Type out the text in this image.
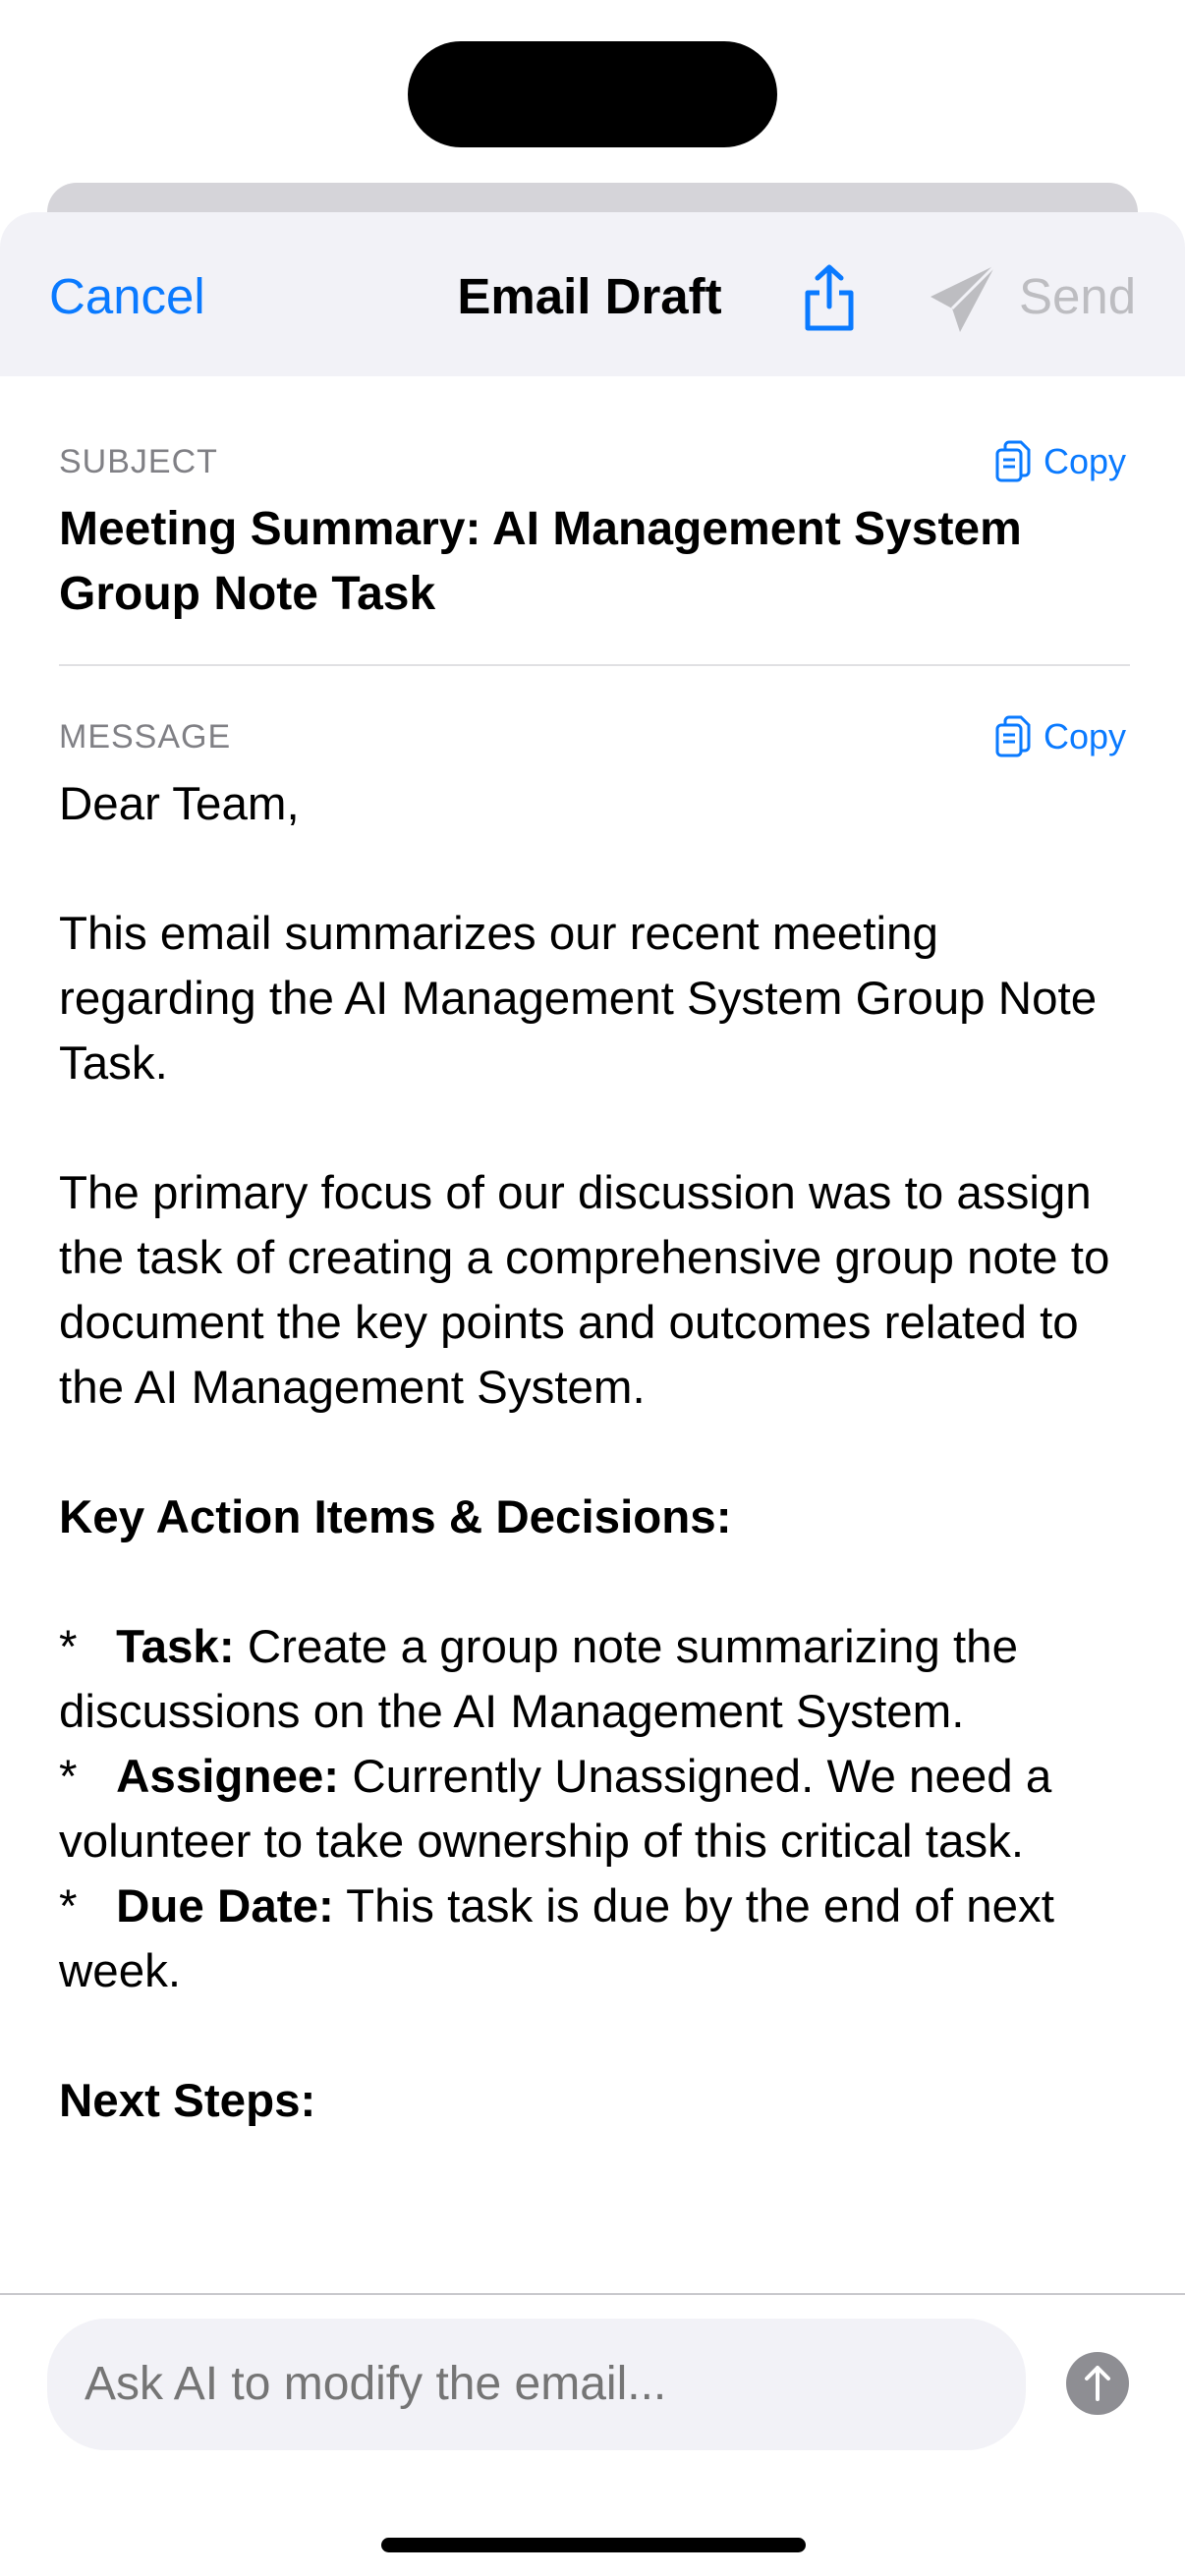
Email Draft
Cancel	Send
SUBJECT	Copy
Meeting Summary: AI Management System Group Note Task
MESSAGE	Copy

Dear Team,

This email summarizes our recent meeting regarding the AI Management System Group Note Task.

The primary focus of our discussion was to assign the task of creating a comprehensive group note to document the key points and outcomes related to the AI Management System.

Key Action Items & Decisions:

* Task: Create a group note summarizing the discussions on the AI Management System.

* Assignee: Currently Unassigned. We need a volunteer to take ownership of this critical task.

* Due Date: This task is due by the end of next week.

Next Steps:

Ask AI to modify the email...
